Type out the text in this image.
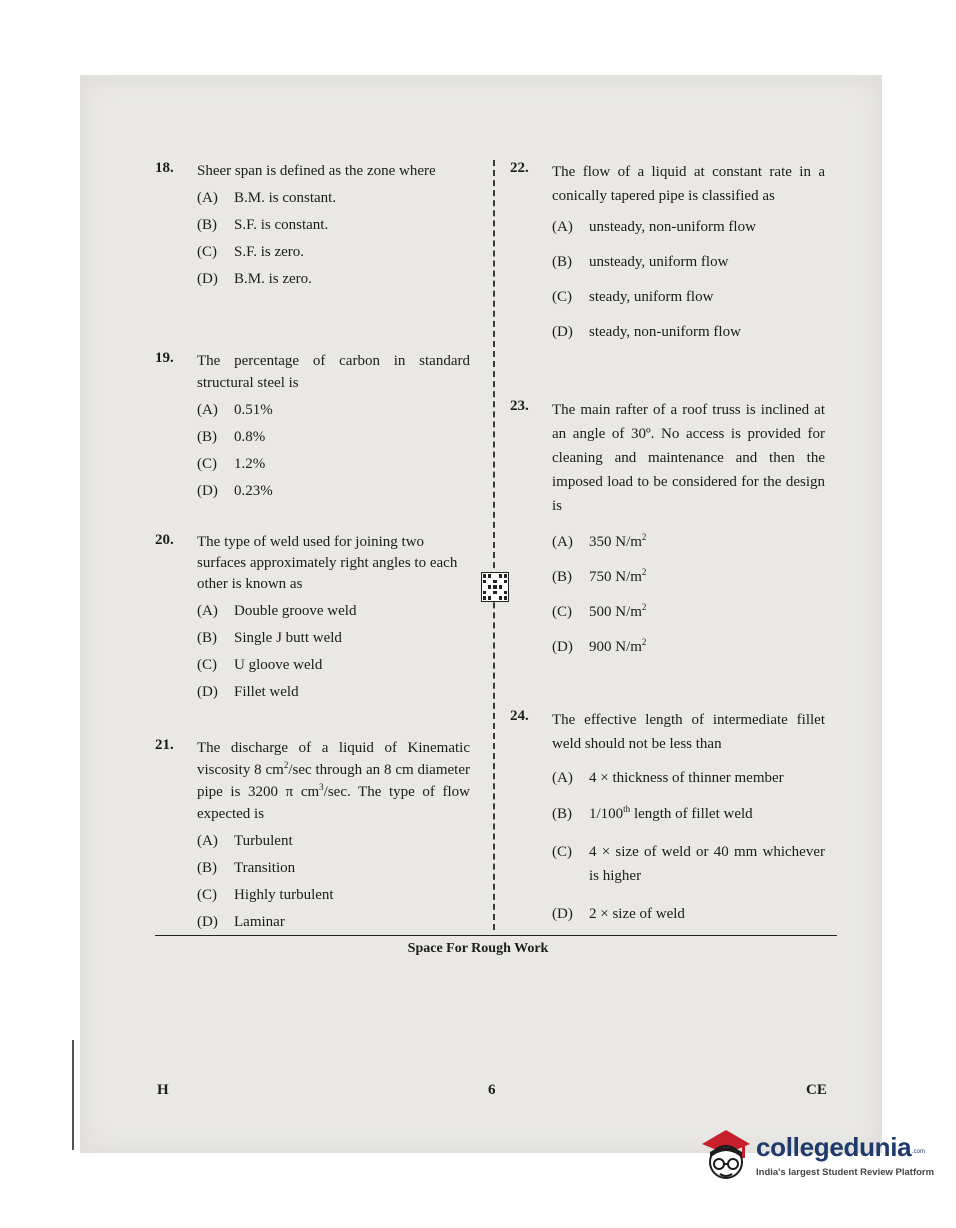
18. Sheer span is defined as the zone where
(A)	B.M. is constant.
(B)	S.F. is constant.
(C)	S.F. is zero.
(D)	B.M. is zero.
19. The percentage of carbon in standard structural steel is
(A)	0.51%
(B)	0.8%
(C)	1.2%
(D)	0.23%
20. The type of weld used for joining two surfaces approximately right angles to each other is known as
(A)	Double groove weld
(B)	Single J butt weld
(C)	U gloove weld
(D)	Fillet weld
21. The discharge of a liquid of Kinematic viscosity 8 $cm^2/\sec$ through an 8 cm diameter pipe is 3200 π $cm^3/\sec$. The type of flow expected is
(A)	Turbulent
(B)	Transition
(C)	Highly turbulent
(D)	Laminar
22. The flow of a liquid at constant rate in a conically tapered pipe is classified as
(A)	unsteady, non-uniform flow
(B)	unsteady, uniform flow
(C)	steady, uniform flow
(D)	steady, non-uniform flow
23. The main rafter of a roof truss is inclined at an angle of 30º. No access is provided for cleaning and maintenance and then the imposed load to be considered for the design is
(A)	350 $N/m^2$
(B)	750 $N/m^2$
(C)	500 $N/m^2$
(D)	900 $N/m^2$
24. The effective length of intermediate fillet weld should not be less than
(A)	4 × thickness of thinner member
(B)	1/100th length of fillet weld
(C)	4 × size of weld or 40 mm whichever is higher
(D)	2 × size of weld
Space For Rough Work
H	6	CE
collegedunia .com
India's largest Student Review Platform
